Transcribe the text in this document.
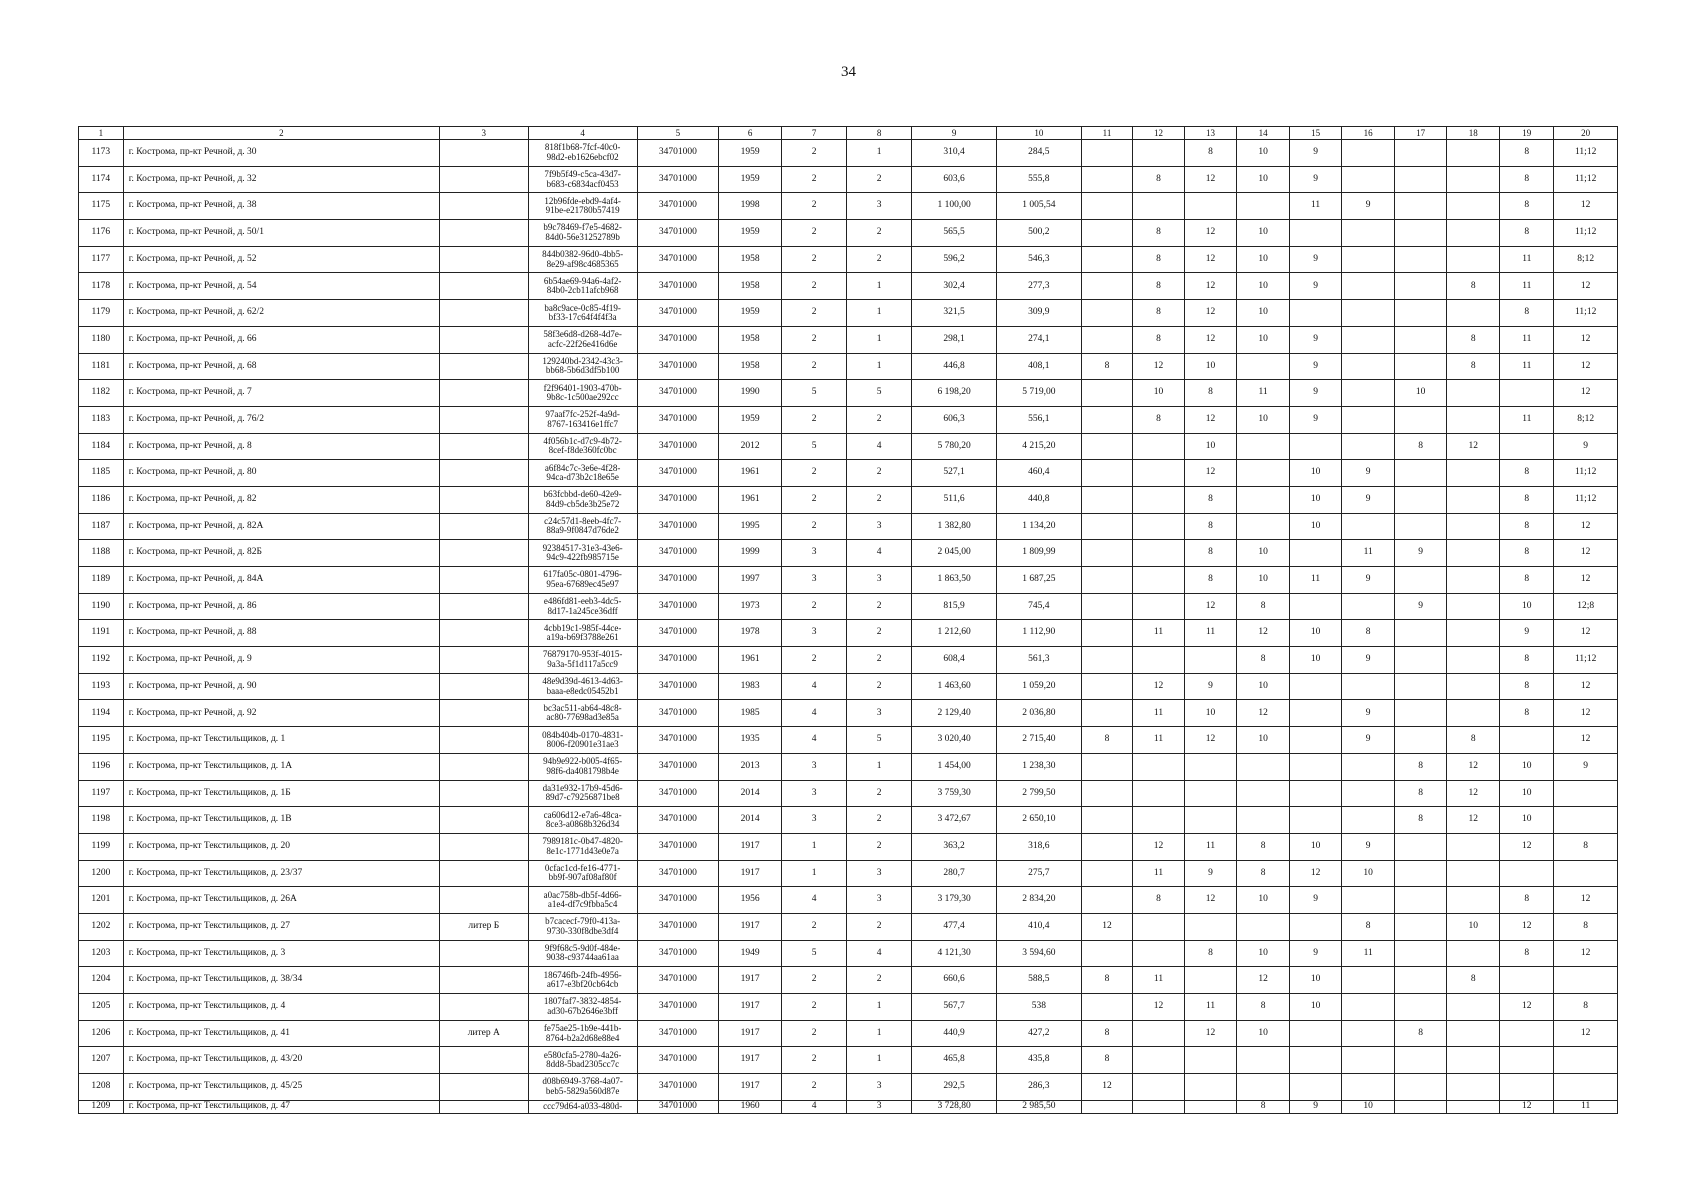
34
1	2	3	4	5	6	7	8	9	10	11	12	13	14	15	16	17	18	19	20
1173	г. Кострома, пр-кт Речной, д. 30		818f1b68-7fcf-40c0-
98d2-eb1626ebcf02	34701000	1959	2	1	310,4	284,5			8	10	9				8	11;12
1174	г. Кострома, пр-кт Речной, д. 32		7f9b5f49-c5ca-43d7-
b683-c6834acf0453	34701000	1959	2	2	603,6	555,8		8	12	10	9				8	11;12
1175	г. Кострома, пр-кт Речной, д. 38		12b96fde-ebd9-4af4-
91be-e21780b57419	34701000	1998	2	3	1 100,00	1 005,54					11	9			8	12
1176	г. Кострома, пр-кт Речной, д. 50/1		b9c78469-f7e5-4682-
84d0-56e31252789b	34701000	1959	2	2	565,5	500,2		8	12	10					8	11;12
1177	г. Кострома, пр-кт Речной, д. 52		844b0382-96d0-4bb5-
8e29-af98c4685365	34701000	1958	2	2	596,2	546,3		8	12	10	9				11	8;12
1178	г. Кострома, пр-кт Речной, д. 54		6b54ae69-94a6-4af2-
84b0-2cb11afcb968	34701000	1958	2	1	302,4	277,3		8	12	10	9			8	11	12
1179	г. Кострома, пр-кт Речной, д. 62/2		ba8c9ace-0c85-4f19-
bf33-17c64f4f4f3a	34701000	1959	2	1	321,5	309,9		8	12	10					8	11;12
1180	г. Кострома, пр-кт Речной, д. 66		58f3e6d8-d268-4d7e-
acfc-22f26e416d6e	34701000	1958	2	1	298,1	274,1		8	12	10	9			8	11	12
1181	г. Кострома, пр-кт Речной, д. 68		129240bd-2342-43c3-
bb68-5b6d3df5b100	34701000	1958	2	1	446,8	408,1	8	12	10		9			8	11	12
1182	г. Кострома, пр-кт Речной, д. 7		f2f96401-1903-470b-
9b8c-1c500ae292cc	34701000	1990	5	5	6 198,20	5 719,00		10	8	11	9		10			12
1183	г. Кострома, пр-кт Речной, д. 76/2		97aaf7fc-252f-4a9d-
8767-163416e1ffc7	34701000	1959	2	2	606,3	556,1		8	12	10	9				11	8;12
1184	г. Кострома, пр-кт Речной, д. 8		4f056b1c-d7c9-4b72-
8cef-f8de360fc0bc	34701000	2012	5	4	5 780,20	4 215,20			10				8	12		9
1185	г. Кострома, пр-кт Речной, д. 80		a6f84c7c-3e6e-4f28-
94ca-d73b2c18e65e	34701000	1961	2	2	527,1	460,4			12		10	9			8	11;12
1186	г. Кострома, пр-кт Речной, д. 82		b63fcbbd-de60-42e9-
84d9-cb5de3b25e72	34701000	1961	2	2	511,6	440,8			8		10	9			8	11;12
1187	г. Кострома, пр-кт Речной, д. 82А		c24c57d1-8eeb-4fc7-
88a9-9f0847d76de2	34701000	1995	2	3	1 382,80	1 134,20			8		10				8	12
1188	г. Кострома, пр-кт Речной, д. 82Б		92384517-31e3-43e6-
94c9-422fb985715e	34701000	1999	3	4	2 045,00	1 809,99			8	10		11	9		8	12
1189	г. Кострома, пр-кт Речной, д. 84А		617fa05c-0801-4796-
95ea-67689ec45e97	34701000	1997	3	3	1 863,50	1 687,25			8	10	11	9			8	12
1190	г. Кострома, пр-кт Речной, д. 86		e486fd81-eeb3-4dc5-
8d17-1a245ce36dff	34701000	1973	2	2	815,9	745,4			12	8			9		10	12;8
1191	г. Кострома, пр-кт Речной, д. 88		4cbb19c1-985f-44ce-
a19a-b69f3788e261	34701000	1978	3	2	1 212,60	1 112,90		11	11	12	10	8			9	12
1192	г. Кострома, пр-кт Речной, д. 9		76879170-953f-4015-
9a3a-5f1d117a5cc9	34701000	1961	2	2	608,4	561,3				8	10	9			8	11;12
1193	г. Кострома, пр-кт Речной, д. 90		48e9d39d-4613-4d63-
baaa-e8edc05452b1	34701000	1983	4	2	1 463,60	1 059,20		12	9	10					8	12
1194	г. Кострома, пр-кт Речной, д. 92		bc3ac511-ab64-48c8-
ac80-77698ad3e85a	34701000	1985	4	3	2 129,40	2 036,80		11	10	12		9			8	12
1195	г. Кострома, пр-кт Текстильщиков, д. 1		084b404b-0170-4831-
8006-f20901e31ae3	34701000	1935	4	5	3 020,40	2 715,40	8	11	12	10		9		8		12
1196	г. Кострома, пр-кт Текстильщиков, д. 1А		94b9e922-b005-4f65-
98f6-da4081798b4e	34701000	2013	3	1	1 454,00	1 238,30							8	12	10	9
1197	г. Кострома, пр-кт Текстильщиков, д. 1Б		da31e932-17b9-45d6-
89d7-c79256871be8	34701000	2014	3	2	3 759,30	2 799,50							8	12	10	
1198	г. Кострома, пр-кт Текстильщиков, д. 1В		ca606d12-e7a6-48ca-
8ce3-a0868b326d34	34701000	2014	3	2	3 472,67	2 650,10							8	12	10	
1199	г. Кострома, пр-кт Текстильщиков, д. 20		7989181c-0b47-4820-
8e1c-1771d43e0e7a	34701000	1917	1	2	363,2	318,6		12	11	8	10	9			12	8
1200	г. Кострома, пр-кт Текстильщиков, д. 23/37		0cfac1cd-fe16-4771-
bb9f-907af08af80f	34701000	1917	1	3	280,7	275,7		11	9	8	12	10				
1201	г. Кострома, пр-кт Текстильщиков, д. 26А		a0ac758b-db5f-4d66-
a1e4-df7c9fbba5c4	34701000	1956	4	3	3 179,30	2 834,20		8	12	10	9				8	12
1202	г. Кострома, пр-кт Текстильщиков, д. 27	литер Б	b7cacecf-79f0-413a-
9730-330f8dbe3df4	34701000	1917	2	2	477,4	410,4	12					8		10	12	8
1203	г. Кострома, пр-кт Текстильщиков, д. 3		9f9f68c5-9d0f-484e-
9038-c93744aa61aa	34701000	1949	5	4	4 121,30	3 594,60			8	10	9	11			8	12
1204	г. Кострома, пр-кт Текстильщиков, д. 38/34		186746fb-24fb-4956-
a617-e3bf20cb64cb	34701000	1917	2	2	660,6	588,5	8	11		12	10			8		
1205	г. Кострома, пр-кт Текстильщиков, д. 4		1807faf7-3832-4854-
ad30-67b2646e3bff	34701000	1917	2	1	567,7	538		12	11	8	10				12	8
1206	г. Кострома, пр-кт Текстильщиков, д. 41	литер А	fe75ae25-1b9e-441b-
8764-b2a2d68e88e4	34701000	1917	2	1	440,9	427,2	8		12	10			8			12
1207	г. Кострома, пр-кт Текстильщиков, д. 43/20		e580cfa5-2780-4a26-
8dd8-5bad2305cc7c	34701000	1917	2	1	465,8	435,8	8									
1208	г. Кострома, пр-кт Текстильщиков, д. 45/25		d08b6949-3768-4a07-
beb5-5829a560d87e	34701000	1917	2	3	292,5	286,3	12									
1209	г. Кострома, пр-кт Текстильщиков, д. 47		ccc79d64-a033-480d-	34701000	1960	4	3	3 728,80	2 985,50				8	9	10			12	11
